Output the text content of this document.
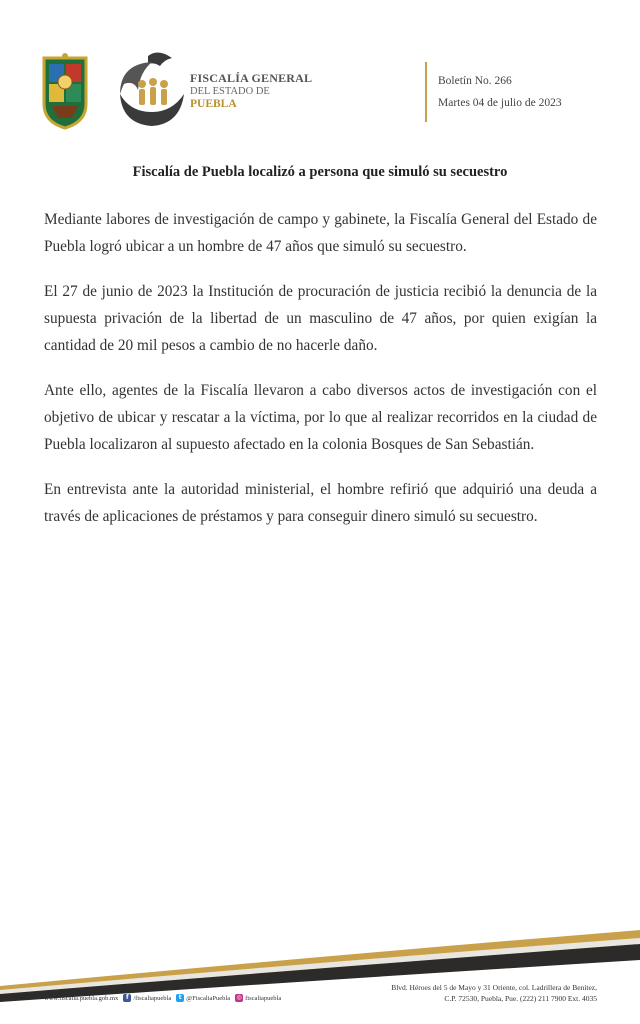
FISCALÍA GENERAL
DEL ESTADO DE
PUEBLA
Boletín No. 266
Martes 04 de julio de 2023
Fiscalía de Puebla localizó a persona que simuló su secuestro

Mediante labores de investigación de campo y gabinete, la Fiscalía General del Estado de Puebla logró ubicar a un hombre de 47 años que simuló su secuestro.

El 27 de junio de 2023 la Institución de procuración de justicia recibió la denuncia de la supuesta privación de la libertad de un masculino de 47 años, por quien exigían la cantidad de 20 mil pesos a cambio de no hacerle daño.

Ante ello, agentes de la Fiscalía llevaron a cabo diversos actos de investigación con el objetivo de ubicar y rescatar a la víctima, por lo que al realizar recorridos en la ciudad de Puebla localizaron al supuesto afectado en la colonia Bosques de San Sebastián.

En entrevista ante la autoridad ministerial, el hombre refirió que adquirió una deuda a través de aplicaciones de préstamos y para conseguir dinero simuló su secuestro.

www.fiscalia.puebla.gob.mx	f /fiscaliapuebla	t @FiscaliaPuebla ◎ fiscaliapuebla
Blvd. Héroes del 5 de Mayo y 31 Oriente, col. Ladrillera de Benítez,
C.P. 72530, Puebla, Pue. (222) 211 7900 Ext. 4035
